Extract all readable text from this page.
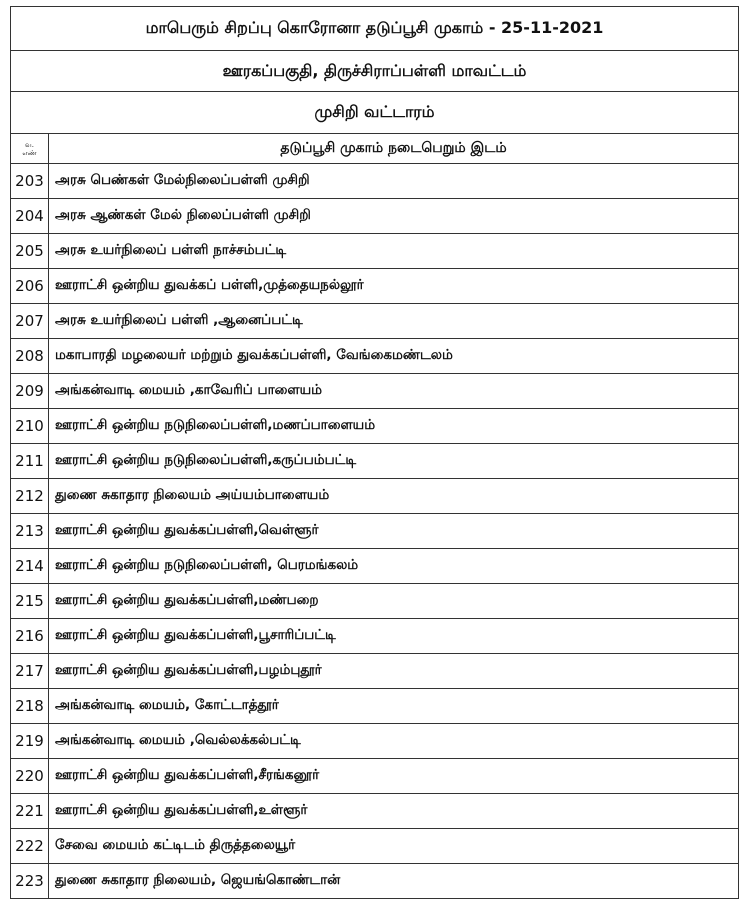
மாபெரும் சிறப்பு கொரோனா தடுப்பூசி முகாம் - 25-11-2021	
ஊரகப்பகுதி, திருச்சிராப்பள்ளி மாவட்டம்	
முசிறி வட்டாரம்	

வ.
எண்	தடுப்பூசி முகாம் நடைபெறும் இடம்
203	அரசு பெண்கள் மேல்நிலைப்பள்ளி முசிறி
204	அரசு ஆண்கள் மேல் நிலைப்பள்ளி முசிறி
205	அரசு உயர்நிலைப் பள்ளி நாச்சம்பட்டி
206	ஊராட்சி ஒன்றிய துவக்கப் பள்ளி,முத்தையநல்லூர்
207	அரசு உயர்நிலைப் பள்ளி ,ஆனைப்பட்டி
208	மகாபாரதி மழலையர் மற்றும் துவக்கப்பள்ளி, வேங்கைமண்டலம்
209	அங்கன்வாடி மையம் ,காவேரிப் பாளையம்
210	ஊராட்சி ஒன்றிய நடுநிலைப்பள்ளி,மணப்பாளையம்
211	ஊராட்சி ஒன்றிய நடுநிலைப்பள்ளி,கருப்பம்பட்டி
212	துணை சுகாதார நிலையம் அய்யம்பாளையம்
213	ஊராட்சி ஒன்றிய துவக்கப்பள்ளி,வெள்ளூர்
214	ஊராட்சி ஒன்றிய நடுநிலைப்பள்ளி, பெரமங்கலம்
215	ஊராட்சி ஒன்றிய துவக்கப்பள்ளி,மண்பறை
216	ஊராட்சி ஒன்றிய துவக்கப்பள்ளி,பூசாரிப்பட்டி
217	ஊராட்சி ஒன்றிய துவக்கப்பள்ளி,பழம்புதூர்
218	அங்கன்வாடி மையம், கோட்டாத்தூர்
219	அங்கன்வாடி மையம் ,வெல்லக்கல்பட்டி
220	ஊராட்சி ஒன்றிய துவக்கப்பள்ளி,சீரங்கனூர்
221	ஊராட்சி ஒன்றிய துவக்கப்பள்ளி,உள்ளூர்
222	சேவை மையம் கட்டிடம் திருத்தலையூர்
223	துணை சுகாதார நிலையம், ஜெயங்கொண்டான்
